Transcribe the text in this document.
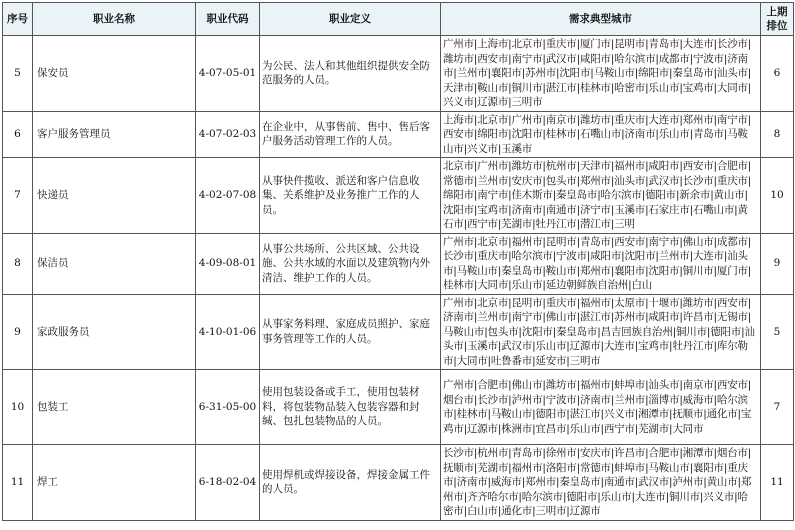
序号	职业名称	职业代码	职业定义	需求典型城市	上期排位
5	保安员	4-07-05-01	为公民、法人和其他组织提供安全防范服务的人员。	广州市|上海市|北京市|重庆市|厦门市|昆明市|青岛市|大连市|长沙市|潍坊市|西安市|南宁市|武汉市|咸阳市|哈尔滨市|成都市|宁波市|济南市|兰州市|襄阳市|苏州市|沈阳市|马鞍山市|绵阳市|秦皇岛市|汕头市|天津市|鞍山市|铜川市|湛江市|桂林市|哈密市|乐山市|宝鸡市|大同市|兴义市|辽源市|三明市	6
6	客户服务管理员	4-07-02-03	在企业中，从事售前、售中、售后客户服务活动管理工作的人员。	上海市|北京市|广州市|南京市|潍坊市|重庆市|大连市|郑州市|南宁市|西安市|绵阳市|沈阳市|桂林市|石嘴山市|济南市|乐山市|青岛市|马鞍山市|兴义市|玉溪市	8
7	快递员	4-02-07-08	从事快件揽收、派送和客户信息收集、关系维护及业务推广工作的人员。	北京市|广州市|潍坊市|杭州市|天津市|福州市|咸阳市|西安市|合肥市|常德市|兰州市|安庆市|包头市|郑州市|汕头市|武汉市|长沙市|重庆市|绵阳市|南宁市|佳木斯市|秦皇岛市|哈尔滨市|德阳市|新余市|黄山市|沈阳市|宝鸡市|济南市|南通市|济宁市|玉溪市|石家庄市|石嘴山市|黄石市|西宁市|芜湖市|牡丹江市|潜江市|三明	10
8	保洁员	4-09-08-01	从事公共场所、公共区域、公共设施、公共水域的水面以及建筑物内外清洁、维护工作的人员。	广州市|北京市|福州市|昆明市|青岛市|西安市|南宁市|佛山市|成都市|长沙市|重庆市|哈尔滨市|宁波市|咸阳市|沈阳市|兰州市|大连市|汕头市|马鞍山市|秦皇岛市|鞍山市|郑州市|襄阳市|沈阳市|铜川市|厦门市|桂林市|大同市|乐山市|延边朝鲜族自治州|白山	9
9	家政服务员	4-10-01-06	从事家务料理、家庭成员照护、家庭事务管理等工作的人员。	广州市|北京市|昆明市|重庆市|福州市|太原市|十堰市|潍坊市|西安市|济南市|兰州市|南宁市|佛山市|湛江市|苏州市|咸阳市|许昌市|无锡市|马鞍山市|包头市|沈阳市|秦皇岛市|昌吉回族自治州|铜川市|德阳市|汕头市|玉溪市|武汉市|乐山市|辽源市|大连市|宝鸡市|牡丹江市|库尔勒市|大同市|吐鲁番市|延安市|三明市	5
10	包装工	6-31-05-00	使用包装设备或手工，使用包装材料，将包装物品装入包装容器和封缄、包扎包装物品的人员。	广州市|合肥市|佛山市|潍坊市|福州市|蚌埠市|汕头市|南京市|西安市|烟台市|长沙市|泸州市|宁波市|济南市|兰州市|淄博市|威海市|哈尔滨市|桂林市|马鞍山市|德阳市|湛江市|兴义市|湘潭市|抚顺市|通化市|宝鸡市|辽源市|株洲市|宜昌市|乐山市|西宁市|芜湖市|大同市	7
11	焊工	6-18-02-04	使用焊机或焊接设备，焊接金属工件的人员。	长沙市|杭州市|青岛市|徐州市|安庆市|许昌市|合肥市|湘潭市|烟台市|抚顺市|芜湖市|福州市|洛阳市|常德市|蚌埠市|马鞍山市|襄阳市|重庆市|济南市|威海市|郑州市|秦皇岛市|南通市|武汉市|泸州市|黄山市|郑州市|齐齐哈尔市|哈尔滨市|德阳市|乐山市|大连市|铜川市|兴义市|哈密市|白山市|通化市|三明市|辽源市	11
